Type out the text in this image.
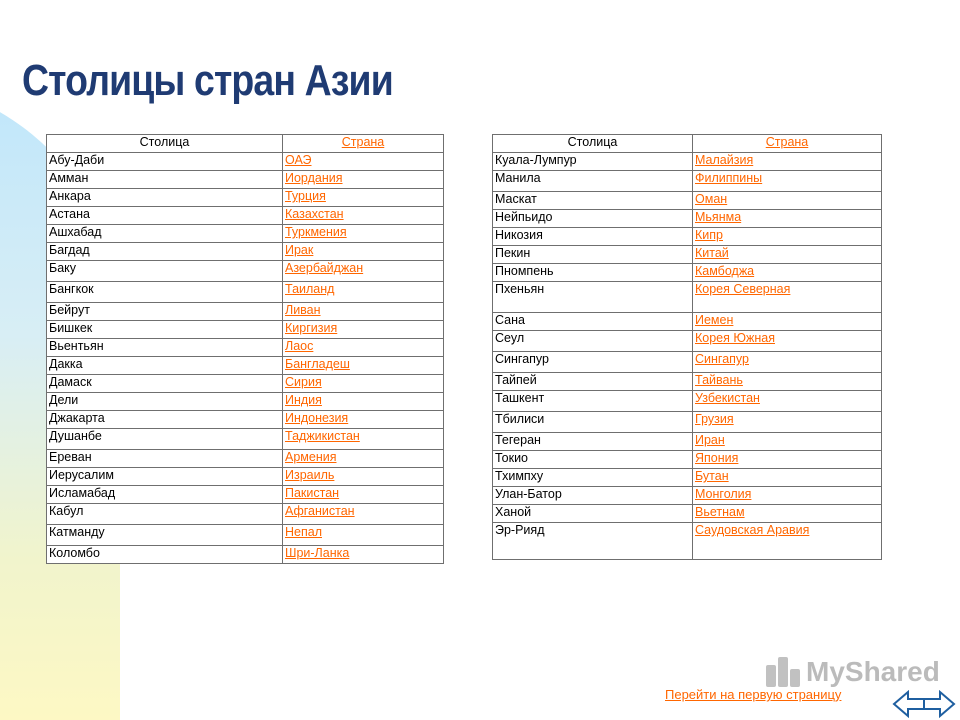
Столицы стран Азии
Столица	Страна
Абу-Даби	ОАЭ
Амман	Иордания
Анкара	Турция
Астана	Казахстан
Ашхабад	Туркмения
Багдад	Ирак
Баку	Азербайджан
Бангкок	Таиланд
Бейрут	Ливан
Бишкек	Киргизия
Вьентьян	Лаос
Дакка	Бангладеш
Дамаск	Сирия
Дели	Индия
Джакарта	Индонезия
Душанбе	Таджикистан
Ереван	Армения
Иерусалим	Израиль
Исламабад	Пакистан
Кабул	Афганистан
Катманду	Непал
Коломбо	Шри-Ланка
Столица	Страна
Куала-Лумпур	Малайзия
Манила	Филиппины
Маскат	Оман
Нейпьидо	Мьянма
Никозия	Кипр
Пекин	Китай
Пномпень	Камбоджа
Пхеньян	Корея Северная
Сана	Иемен
Сеул	Корея Южная
Сингапур	Сингапур
Тайпей	Тайвань
Ташкент	Узбекистан
Тбилиси	Грузия
Тегеран	Иран
Токио	Япония
Тхимпху	Бутан
Улан-Батор	Монголия
Ханой	Вьетнам
Эр-Рияд	Саудовская Аравия
MyShared
Перейти на первую страницу
